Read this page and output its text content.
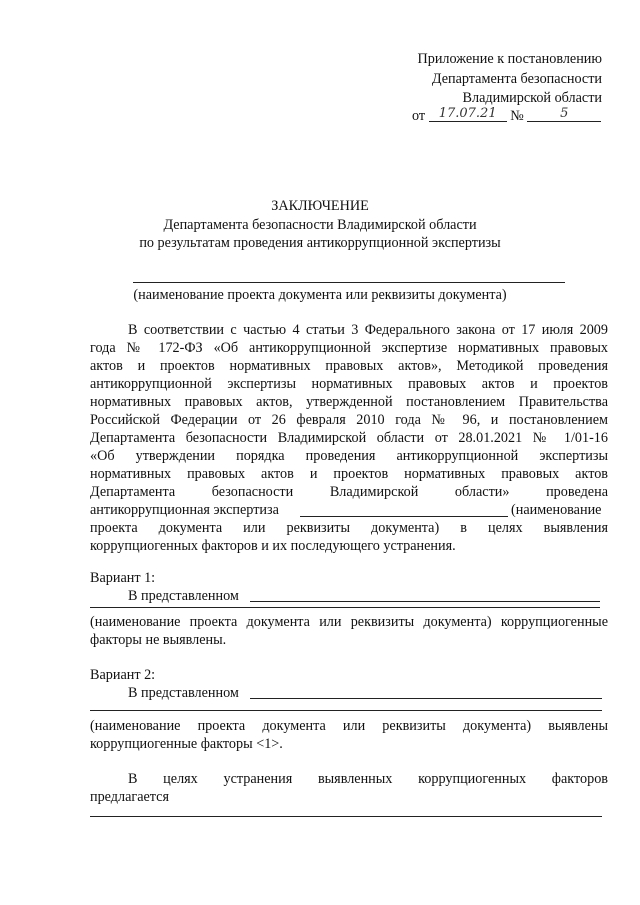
Приложение к постановлению
Департамента безопасности
Владимирской области
от 17.07.21 №	5
ЗАКЛЮЧЕНИЕ
Департамента безопасности Владимирской области
по результатам проведения антикоррупционной экспертизы
(наименование проекта документа или реквизиты документа)
В соответствии с частью 4 статьи 3 Федерального закона от 17 июля 2009
года № 172-ФЗ «Об антикоррупционной экспертизе нормативных правовых
актов и проектов нормативных правовых актов», Методикой проведения
антикоррупционной экспертизы нормативных правовых актов и проектов
нормативных правовых актов, утвержденной постановлением Правительства
Российской Федерации от 26 февраля 2010 года № 96, и постановлением
Департамента безопасности Владимирской области от 28.01.2021 № 1/01-16
«Об утверждении порядка проведения антикоррупционной экспертизы
нормативных правовых актов и проектов нормативных правовых актов
Департамента безопасности Владимирской области» проведена
антикоррупционная экспертиза	(наименование
проекта документа или реквизиты документа) в целях выявления
коррупциогенных факторов и их последующего устранения.
Вариант 1:
В представленном
(наименование проекта документа или реквизиты документа) коррупциогенные
факторы не выявлены.
Вариант 2:
В представленном
(наименование проекта документа или реквизиты документа) выявлены
коррупциогенные факторы <1>.
В целях устранения выявленных коррупциогенных факторов
предлагается
